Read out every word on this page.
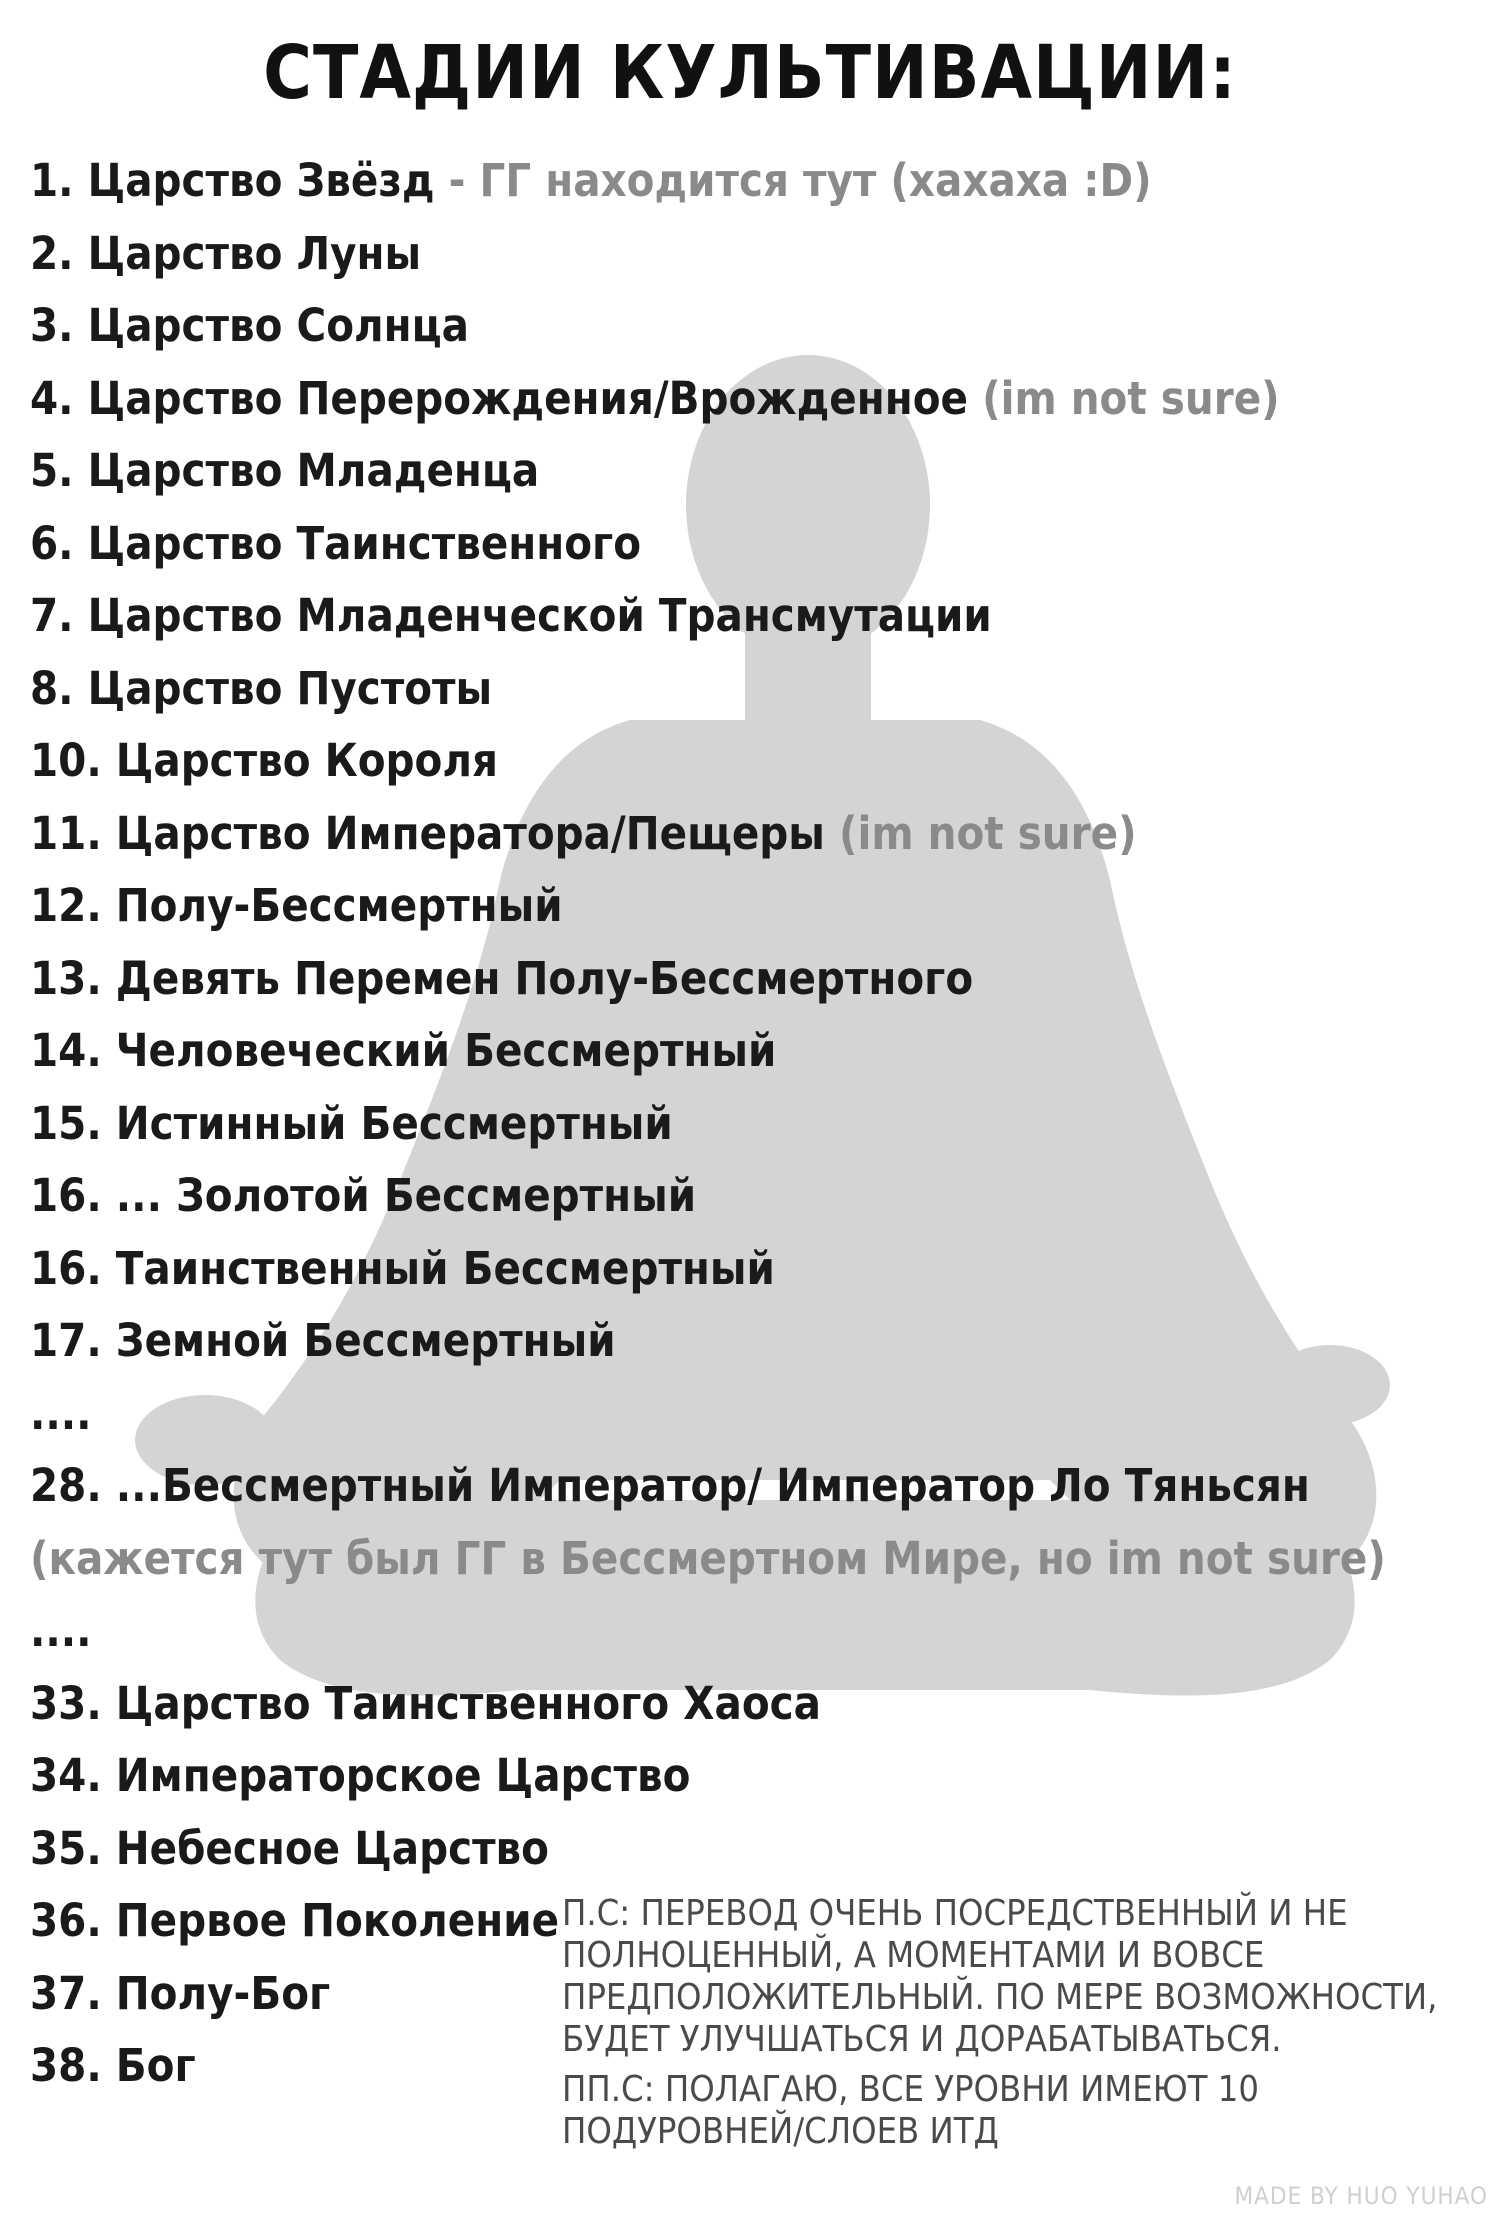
СТАДИИ КУЛЬТИВАЦИИ:
1. Царство Звёзд - ГГ находится тут (хахаха :D)
2. Царство Луны
3. Царство Солнца
4. Царство Перерождения/Врожденное (im not sure)
5. Царство Младенца
6. Царство Таинственного
7. Царство Младенческой Трансмутации
8. Царство Пустоты
10. Царство Короля
11. Царство Императора/Пещеры (im not sure)
12. Полу-Бессмертный
13. Девять Перемен Полу-Бессмертного
14. Человеческий Бессмертный
15. Истинный Бессмертный
16. ... Золотой Бессмертный
16. Таинственный Бессмертный
17. Земной Бессмертный
....
28. ...Бессмертный Император/ Император Ло Тяньсян (кажется тут был ГГ в Бессмертном Мире, но im not sure)
....
33. Царство Таинственного Хаоса
34. Императорское Царство
35. Небесное Царство
36. Первое Поколение
37. Полу-Бог
38. Бог

П.С: ПЕРЕВОД ОЧЕНЬ ПОСРЕДСТВЕННЫЙ И НЕ ПОЛНОЦЕННЫЙ, А МОМЕНТАМИ И ВОВСЕ ПРЕДПОЛОЖИТЕЛЬНЫЙ. ПО МЕРЕ ВОЗМОЖНОСТИ, БУДЕТ УЛУЧШАТЬСЯ И ДОРАБАТЫВАТЬСЯ.

ПП.С: ПОЛАГАЮ, ВСЕ УРОВНИ ИМЕЮТ 10 ПОДУРОВНЕЙ/СЛОЕВ ИТД

MADE BY HUO YUHAO
